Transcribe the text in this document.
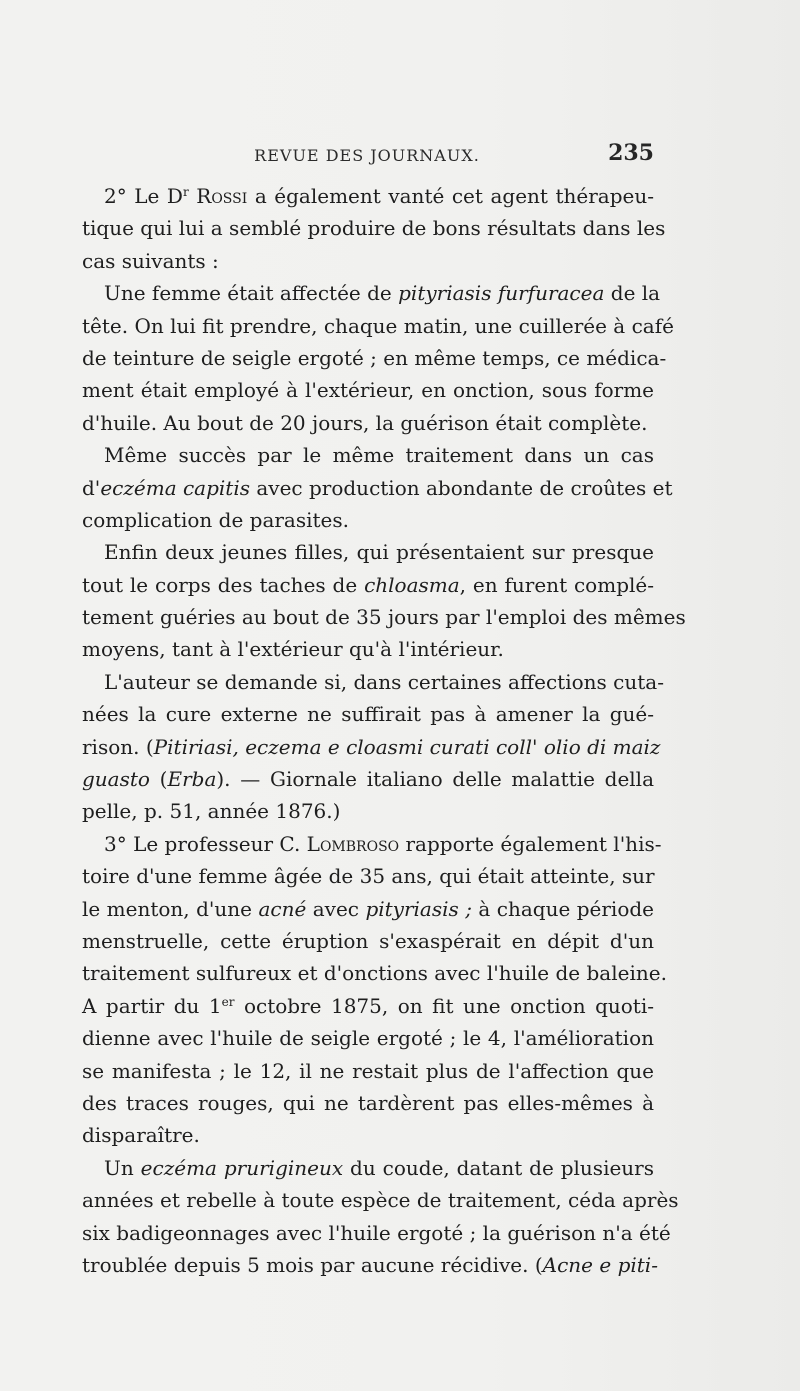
REVUE DES JOURNAUX.	235
2° Le $D^r$ Rossi a également vanté cet agent thérapeu-
tique qui lui a semblé produire de bons résultats dans les
cas suivants :
Une femme était affectée de pityriasis furfuracea de la
tête. On lui fit prendre, chaque matin, une cuillerée à café
de teinture de seigle ergoté ; en même temps, ce médica-
ment était employé à l'extérieur, en onction, sous forme
d'huile. Au bout de 20 jours, la guérison était complète.
Même succès par le même traitement dans un cas
d'eczéma capitis avec production abondante de croûtes et
complication de parasites.
Enfin deux jeunes filles, qui présentaient sur presque
tout le corps des taches de chloasma, en furent complé-
tement guéries au bout de 35 jours par l'emploi des mêmes
moyens, tant à l'extérieur qu'à l'intérieur.
L'auteur se demande si, dans certaines affections cuta-
nées la cure externe ne suffirait pas à amener la gué-
rison. (Pitiriasi, eczema e cloasmi curati coll' olio di maiz
guasto (Erba). — Giornale italiano delle malattie della
pelle, p. 51, année 1876.)
3° Le professeur C. Lombroso rapporte également l'his-
toire d'une femme âgée de 35 ans, qui était atteinte, sur
le menton, d'une acné avec pityriasis ; à chaque période
menstruelle, cette éruption s'exaspérait en dépit d'un
traitement sulfureux et d'onctions avec l'huile de baleine.
A partir du 1er octobre 1875, on fit une onction quoti-
dienne avec l'huile de seigle ergoté ; le 4, l'amélioration
se manifesta ; le 12, il ne restait plus de l'affection que
des traces rouges, qui ne tardèrent pas elles-mêmes à
disparaître.
Un eczéma prurigineux du coude, datant de plusieurs
années et rebelle à toute espèce de traitement, céda après
six badigeonnages avec l'huile ergoté ; la guérison n'a été
troublée depuis 5 mois par aucune récidive. (Acne e piti-
